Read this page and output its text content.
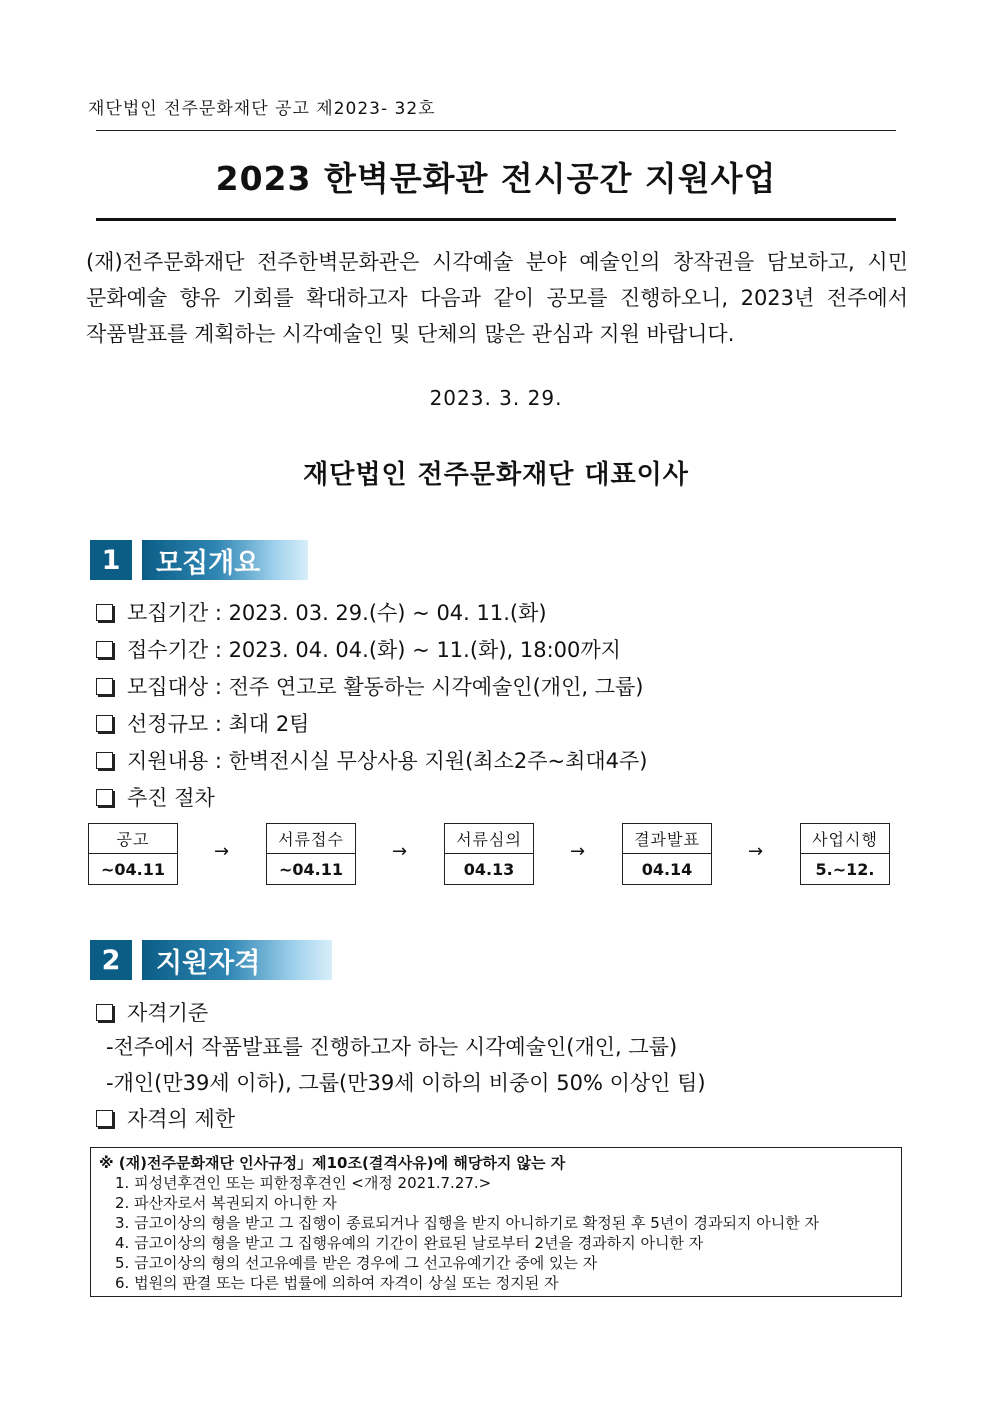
재단법인 전주문화재단 공고 제2023- 32호
2023 한벽문화관 전시공간 지원사업
(재)전주문화재단 전주한벽문화관은 시각예술 분야 예술인의 창작권을 담보하고, 시민
문화예술 향유 기회를 확대하고자 다음과 같이 공모를 진행하오니, 2023년 전주에서
작품발표를 계획하는 시각예술인 및 단체의 많은 관심과 지원 바랍니다.
2023. 3. 29.
재단법인 전주문화재단 대표이사
1	모집개요
모집기간 : 2023. 03. 29.(수) ~ 04. 11.(화)
접수기간 : 2023. 04. 04.(화) ~ 11.(화), 18:00까지
모집대상 : 전주 연고로 활동하는 시각예술인(개인, 그룹)
선정규모 : 최대 2팀
지원내용 : 한벽전시실 무상사용 지원(최소2주~최대4주)
추진 절차
공고
~04.11
→
서류접수
~04.11
→
서류심의
04.13
→
결과발표
04.14
→
사업시행
5.~12.
2	지원자격
자격기준
-전주에서 작품발표를 진행하고자 하는 시각예술인(개인, 그룹)
-개인(만39세 이하), 그룹(만39세 이하의 비중이 50% 이상인 팀)
자격의 제한
※ (재)전주문화재단 인사규정」제10조(결격사유)에 해당하지 않는 자
1. 피성년후견인 또는 피한정후견인 <개정 2021.7.27.>
2. 파산자로서 복권되지 아니한 자
3. 금고이상의 형을 받고 그 집행이 종료되거나 집행을 받지 아니하기로 확정된 후 5년이 경과되지 아니한 자
4. 금고이상의 형을 받고 그 집행유예의 기간이 완료된 날로부터 2년을 경과하지 아니한 자
5. 금고이상의 형의 선고유예를 받은 경우에 그 선고유예기간 중에 있는 자
6. 법원의 판결 또는 다른 법률에 의하여 자격이 상실 또는 정지된 자
